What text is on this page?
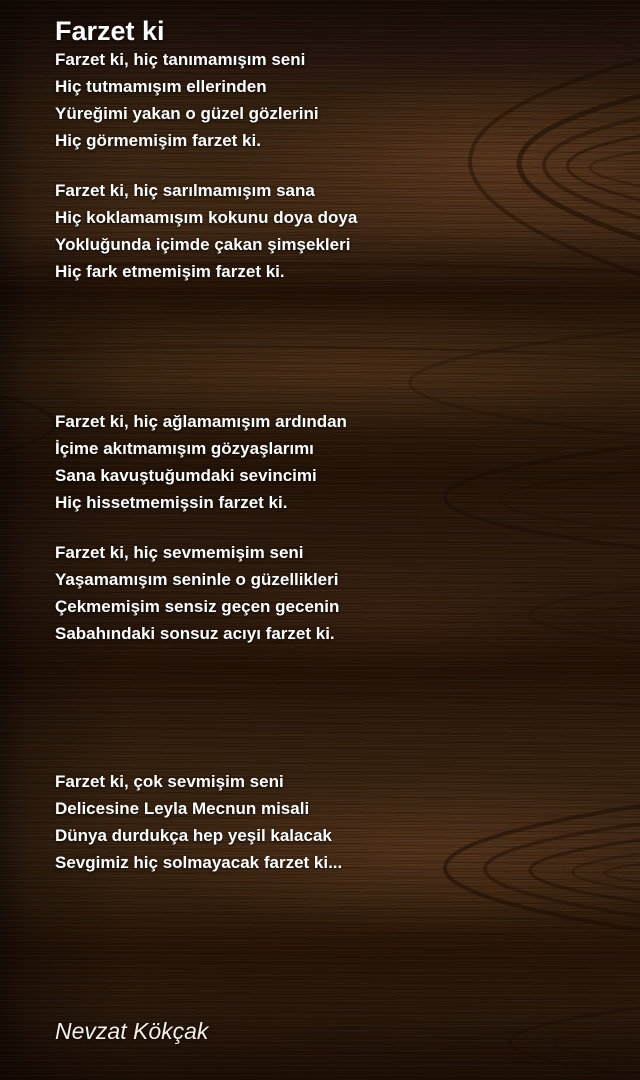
Farzet ki
Farzet ki, hiç tanımamışım seni
Hiç tutmamışım ellerinden
Yüreğimi yakan o güzel gözlerini
Hiç görmemişim farzet ki.
Farzet ki, hiç sarılmamışım sana
Hiç koklamamışım kokunu doya doya
Yokluğunda içimde çakan şimşekleri
Hiç fark etmemişim farzet ki.
Farzet ki, hiç ağlamamışım ardından
İçime akıtmamışım gözyaşlarımı
Sana kavuştuğumdaki sevincimi
Hiç hissetmemişsin farzet ki.
Farzet ki, hiç sevmemişim seni
Yaşamamışım seninle o güzellikleri
Çekmemişim sensiz geçen gecenin
Sabahındaki sonsuz acıyı farzet ki.
Farzet ki, çok sevmişim seni
Delicesine Leyla Mecnun misali
Dünya durdukça hep yeşil kalacak
Sevgimiz hiç solmayacak farzet ki...
Nevzat Kökçak
